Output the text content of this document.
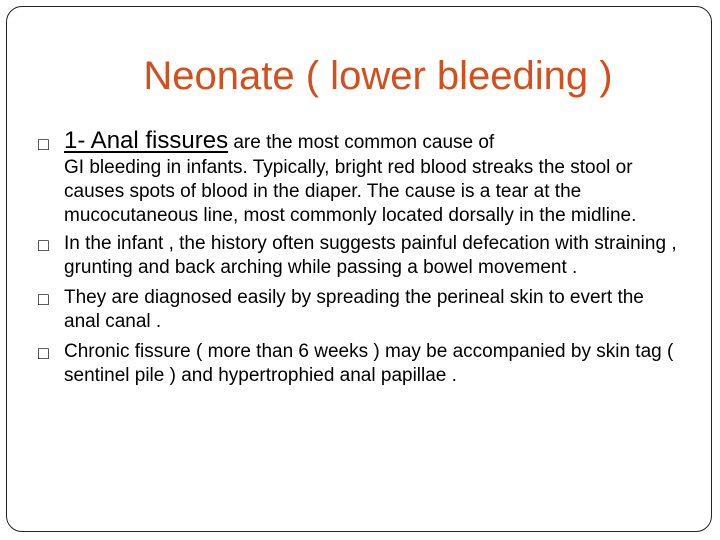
Neonate ( lower bleeding )
□ 1- Anal fissures are the most common cause of
GI bleeding in infants. Typically, bright red blood streaks the stool or causes spots of blood in the diaper. The cause is a tear at the mucocutaneous line, most commonly located dorsally in the midline.
□ In the infant , the history often suggests painful defecation with straining , grunting and back arching while passing a bowel movement .
□ They are diagnosed easily by spreading the perineal skin to evert the anal canal .
□ Chronic fissure ( more than 6 weeks ) may be accompanied by skin tag ( sentinel pile ) and hypertrophied anal papillae .
